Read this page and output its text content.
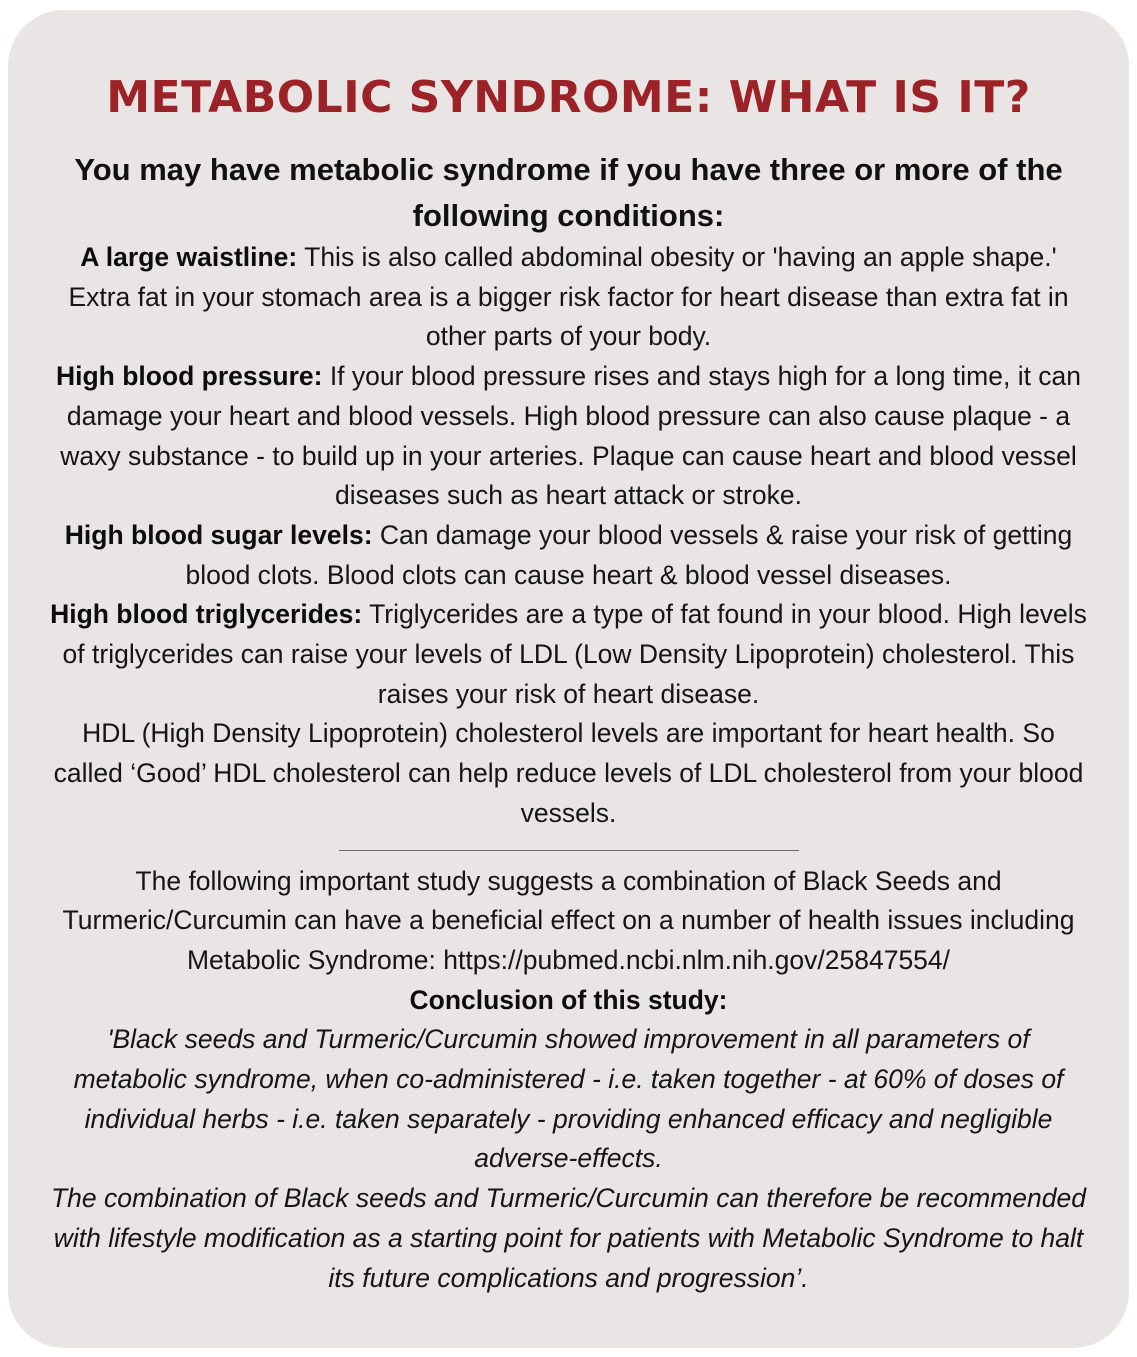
METABOLIC SYNDROME: WHAT IS IT?
You may have metabolic syndrome if you have three or more of the following conditions:

A large waistline: This is also called abdominal obesity or 'having an apple shape.' Extra fat in your stomach area is a bigger risk factor for heart disease than extra fat in other parts of your body.

High blood pressure: If your blood pressure rises and stays high for a long time, it can damage your heart and blood vessels. High blood pressure can also cause plaque - a waxy substance - to build up in your arteries. Plaque can cause heart and blood vessel diseases such as heart attack or stroke.

High blood sugar levels: Can damage your blood vessels & raise your risk of getting blood clots. Blood clots can cause heart & blood vessel diseases.

High blood triglycerides: Triglycerides are a type of fat found in your blood. High levels of triglycerides can raise your levels of LDL (Low Density Lipoprotein) cholesterol. This raises your risk of heart disease.

HDL (High Density Lipoprotein) cholesterol levels are important for heart health. So called ‘Good’ HDL cholesterol can help reduce levels of LDL cholesterol from your blood vessels.

The following important study suggests a combination of Black Seeds and Turmeric/Curcumin can have a beneficial effect on a number of health issues including Metabolic Syndrome: https://pubmed.ncbi.nlm.nih.gov/25847554/

Conclusion of this study:

'Black seeds and Turmeric/Curcumin showed improvement in all parameters of metabolic syndrome, when co-administered - i.e. taken together - at 60% of doses of individual herbs - i.e. taken separately - providing enhanced efficacy and negligible adverse-effects.

The combination of Black seeds and Turmeric/Curcumin can therefore be recommended with lifestyle modification as a starting point for patients with Metabolic Syndrome to halt its future complications and progression’.
